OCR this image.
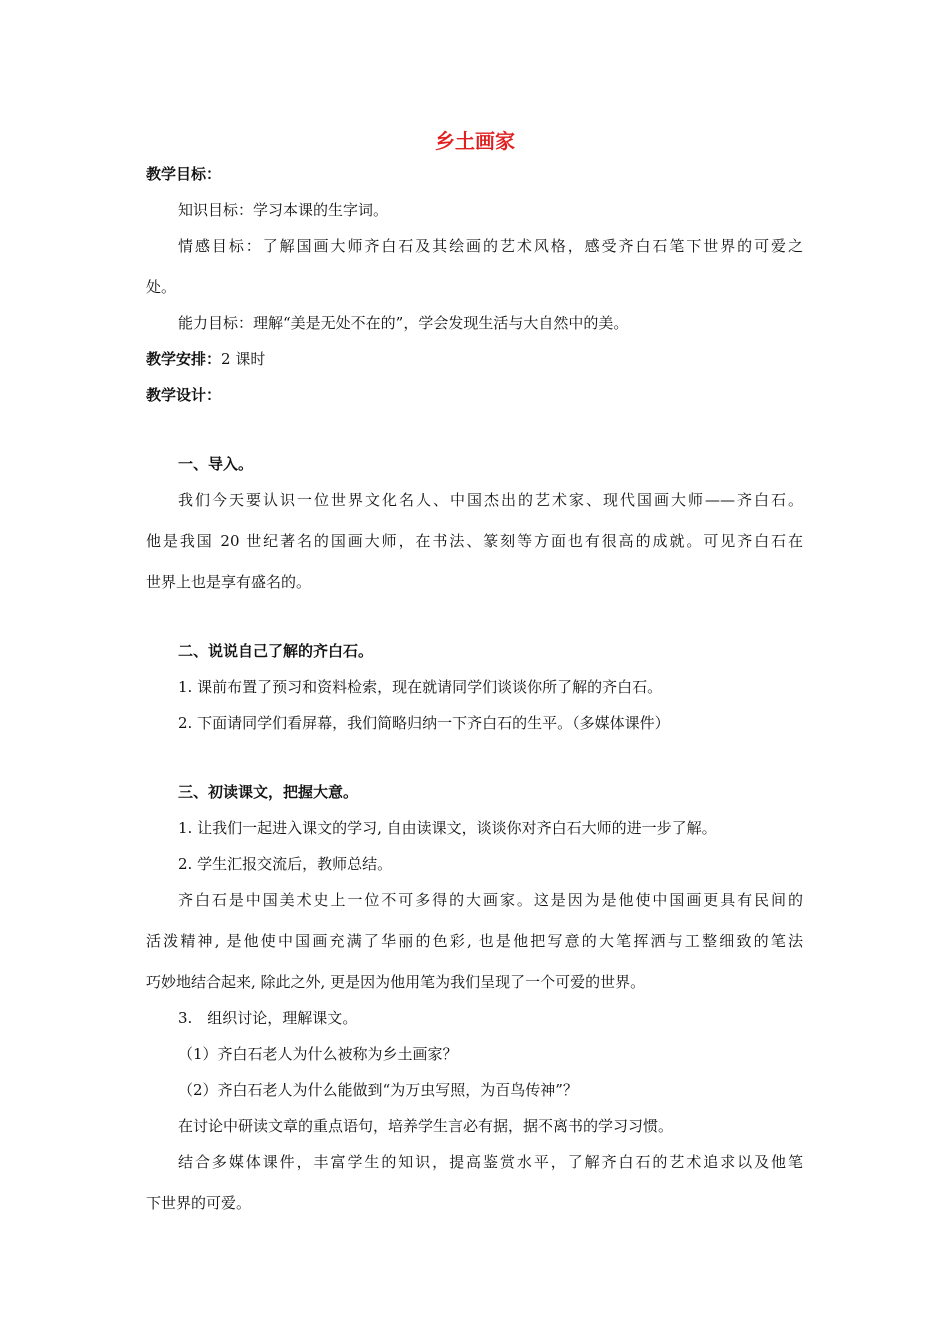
乡土画家
教学目标：
知识目标：学习本课的生字词。
情感目标：了解国画大师齐白石及其绘画的艺术风格，感受齐白石笔下世界的可爱之
处。
能力目标：理解“美是无处不在的”，学会发现生活与大自然中的美。
教学安排：2 课时
教学设计：
一、导入。
我们今天要认识一位世界文化名人、中国杰出的艺术家、现代国画大师——齐白石。
他是我国 20 世纪著名的国画大师，在书法、篆刻等方面也有很高的成就。可见齐白石在
世界上也是享有盛名的。
二、说说自己了解的齐白石。
1. 课前布置了预习和资料检索，现在就请同学们谈谈你所了解的齐白石。
2. 下面请同学们看屏幕，我们简略归纳一下齐白石的生平。（多媒体课件）
三、初读课文，把握大意。
1. 让我们一起进入课文的学习, 自由读课文，谈谈你对齐白石大师的进一步了解。
2. 学生汇报交流后，教师总结。
齐白石是中国美术史上一位不可多得的大画家。这是因为是他使中国画更具有民间的
活泼精神, 是他使中国画充满了华丽的色彩, 也是他把写意的大笔挥洒与工整细致的笔法
巧妙地结合起来, 除此之外, 更是因为他用笔为我们呈现了一个可爱的世界。
3.　组织讨论，理解课文。
（1）齐白石老人为什么被称为乡土画家？
（2）齐白石老人为什么能做到“为万虫写照，为百鸟传神”？
在讨论中研读文章的重点语句，培养学生言必有据，据不离书的学习习惯。
结合多媒体课件，丰富学生的知识，提高鉴赏水平，了解齐白石的艺术追求以及他笔
下世界的可爱。
